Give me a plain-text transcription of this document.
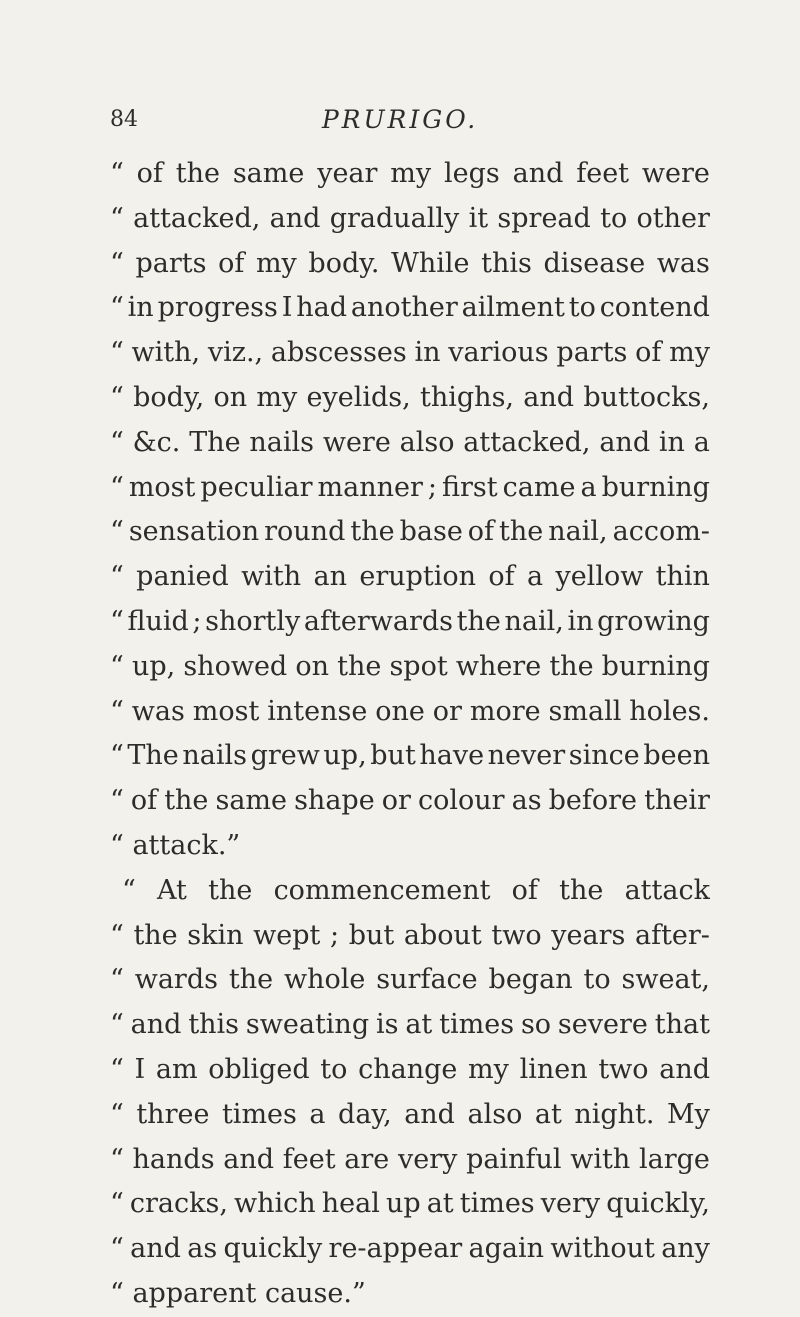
84	PRURIGO.
“ of the same year my legs and feet were
“ attacked, and gradually it spread to other
“ parts of my body. While this disease was
“ in progress I had another ailment to contend
“ with, viz., abscesses in various parts of my
“ body, on my eyelids, thighs, and buttocks,
“ &c. The nails were also attacked, and in a
“ most peculiar manner ; first came a burning
“ sensation round the base of the nail, accom-
“ panied with an eruption of a yellow thin
“ fluid ; shortly afterwards the nail, in growing
“ up, showed on the spot where the burning
“ was most intense one or more small holes.
“ The nails grew up, but have never since been
“ of the same shape or colour as before their
“ attack.”
“ At the commencement of the attack
“ the skin wept ; but about two years after-
“ wards the whole surface began to sweat,
“ and this sweating is at times so severe that
“ I am obliged to change my linen two and
“ three times a day, and also at night. My
“ hands and feet are very painful with large
“ cracks, which heal up at times very quickly,
“ and as quickly re-appear again without any
“ apparent cause.”
